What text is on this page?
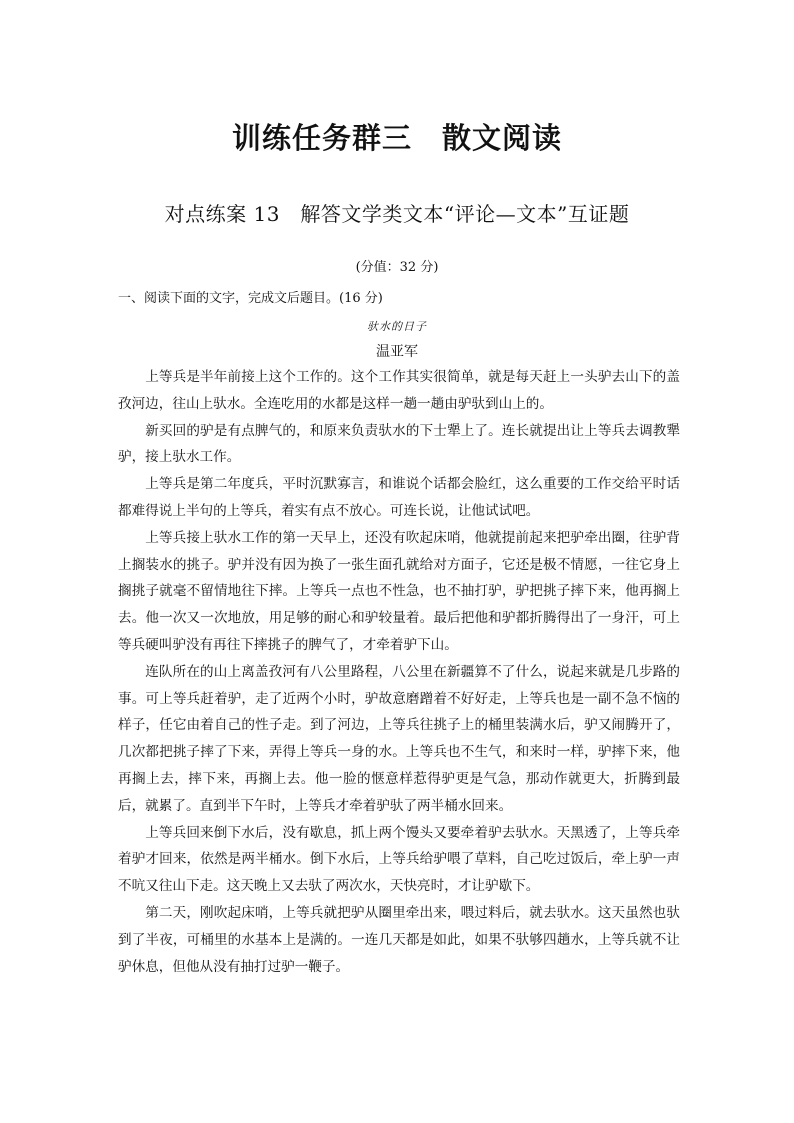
训练任务群三　散文阅读
对点练案 13　解答文学类文本“评论—文本”互证题
(分值：32 分)
一、阅读下面的文字，完成文后题目。(16 分)
驮水的日子
温亚军

上等兵是半年前接上这个工作的。这个工作其实很简单，就是每天赶上一头驴去山下的盖孜河边，往山上驮水。全连吃用的水都是这样一趟一趟由驴驮到山上的。

新买回的驴是有点脾气的，和原来负责驮水的下士犟上了。连长就提出让上等兵去调教犟驴，接上驮水工作。

上等兵是第二年度兵，平时沉默寡言，和谁说个话都会脸红，这么重要的工作交给平时话都难得说上半句的上等兵，着实有点不放心。可连长说，让他试试吧。

上等兵接上驮水工作的第一天早上，还没有吹起床哨，他就提前起来把驴牵出圈，往驴背上搁装水的挑子。驴并没有因为换了一张生面孔就给对方面子，它还是极不情愿，一往它身上搁挑子就毫不留情地往下摔。上等兵一点也不性急，也不抽打驴，驴把挑子摔下来，他再搁上去。他一次又一次地放，用足够的耐心和驴较量着。最后把他和驴都折腾得出了一身汗，可上等兵硬叫驴没有再往下摔挑子的脾气了，才牵着驴下山。

连队所在的山上离盖孜河有八公里路程，八公里在新疆算不了什么，说起来就是几步路的事。可上等兵赶着驴，走了近两个小时，驴故意磨蹭着不好好走，上等兵也是一副不急不恼的样子，任它由着自己的性子走。到了河边，上等兵往挑子上的桶里装满水后，驴又闹腾开了，几次都把挑子摔了下来，弄得上等兵一身的水。上等兵也不生气，和来时一样，驴摔下来，他再搁上去，摔下来，再搁上去。他一脸的惬意样惹得驴更是气急，那动作就更大，折腾到最后，就累了。直到半下午时，上等兵才牵着驴驮了两半桶水回来。

上等兵回来倒下水后，没有歇息，抓上两个馒头又要牵着驴去驮水。天黑透了，上等兵牵着驴才回来，依然是两半桶水。倒下水后，上等兵给驴喂了草料，自己吃过饭后，牵上驴一声不吭又往山下走。这天晚上又去驮了两次水，天快亮时，才让驴歇下。

第二天，刚吹起床哨，上等兵就把驴从圈里牵出来，喂过料后，就去驮水。这天虽然也驮到了半夜，可桶里的水基本上是满的。一连几天都是如此，如果不驮够四趟水，上等兵就不让驴休息，但他从没有抽打过驴一鞭子。
